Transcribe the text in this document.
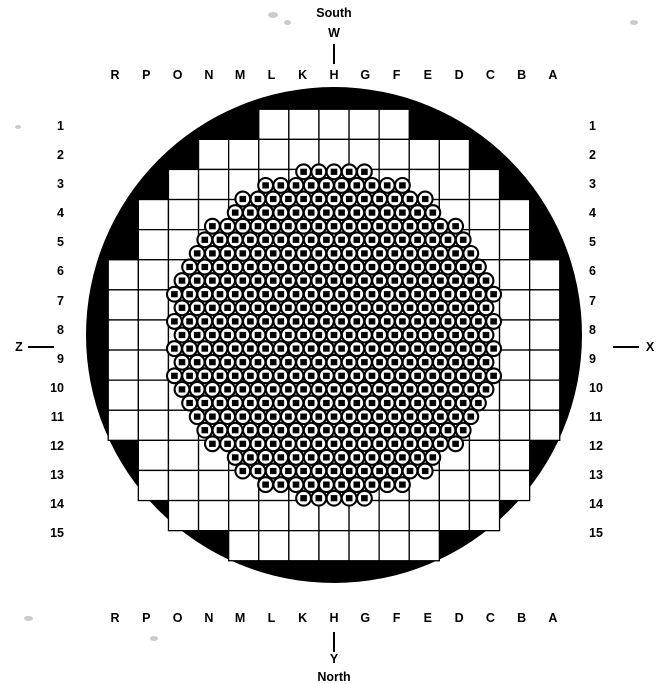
South
W
R P O N M L K H G F E D C B A
1
2
3
4
5
6
7
8
9
10
11
12
13
14
15
1
2
3
4
5
6
7
8
9
10
11
12
13
14
15
Z	X
R P O N M L K H G F E D C B A
Y
North
